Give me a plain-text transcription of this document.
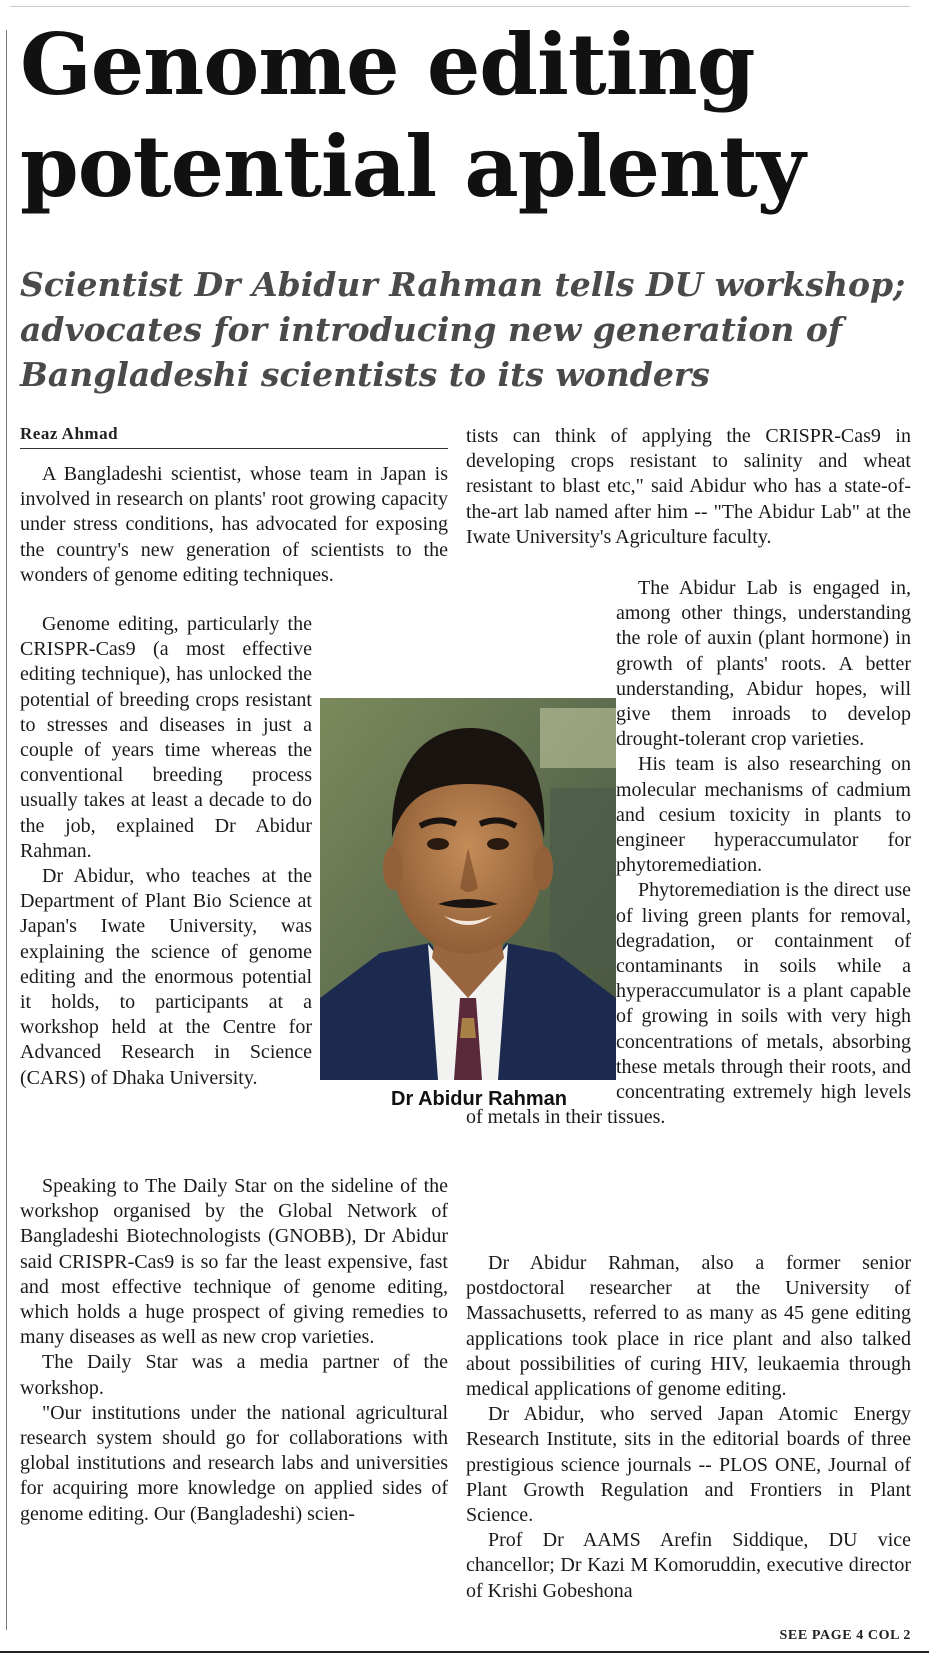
Genome editing
potential aplenty
Scientist Dr Abidur Rahman tells DU workshop;
advocates for introducing new generation of
Bangladeshi scientists to its wonders
Reaz Ahmad

A Bangladeshi scientist, whose team in Japan is involved in research on plants' root growing capacity under stress conditions, has advocated for exposing the country's new generation of scientists to the wonders of genome editing techniques.

Genome editing, particularly the CRISPR-Cas9 (a most effective editing technique), has unlocked the potential of breeding crops resistant to stresses and diseases in just a couple of years time whereas the conventional breeding process usually takes at least a decade to do the job, explained Dr Abidur Rahman.

Dr Abidur, who teaches at the Department of Plant Bio Science at Japan's Iwate University, was explaining the science of genome editing and the enormous potential it holds, to participants at a workshop held at the Centre for Advanced Research in Science (CARS) of Dhaka University.

Speaking to The Daily Star on the sideline of the workshop organised by the Global Network of Bangladeshi Biotechnologists (GNOBB), Dr Abidur said CRISPR-Cas9 is so far the least expensive, fast and most effective technique of genome editing, which holds a huge prospect of giving remedies to many diseases as well as new crop varieties.

The Daily Star was a media partner of the workshop.

"Our institutions under the national agricultural research system should go for collaborations with global institutions and research labs and universities for acquiring more knowledge on applied sides of genome editing. Our (Bangladeshi) scien-

tists can think of applying the CRISPR-Cas9 in developing crops resistant to salinity and wheat resistant to blast etc," said Abidur who has a state-of-the-art lab named after him -- "The Abidur Lab" at the Iwate University's Agriculture faculty.

The Abidur Lab is engaged in, among other things, understanding the role of auxin (plant hormone) in growth of plants' roots. A better understanding, Abidur hopes, will give them inroads to develop drought-tolerant crop varieties.

His team is also researching on molecular mechanisms of cadmium and cesium toxicity in plants to engineer hyperaccumulator for phytoremediation.

Phytoremediation is the direct use of living green plants for removal, degradation, or containment of contaminants in soils while a hyperaccumulator is a plant capable of growing in soils with very high concentrations of metals, absorbing these metals through their roots, and concentrating extremely high levels of metals in their tissues.

Dr Abidur Rahman, also a former senior postdoctoral researcher at the University of Massachusetts, referred to as many as 45 gene editing applications took place in rice plant and also talked about possibilities of curing HIV, leukaemia through medical applications of genome editing.

Dr Abidur, who served Japan Atomic Energy Research Institute, sits in the editorial boards of three prestigious science journals -- PLOS ONE, Journal of Plant Growth Regulation and Frontiers in Plant Science.

Prof Dr AAMS Arefin Siddique, DU vice chancellor; Dr Kazi M Komoruddin, executive director of Krishi Gobeshona

Dr Abidur Rahman
SEE PAGE 4 COL 2
